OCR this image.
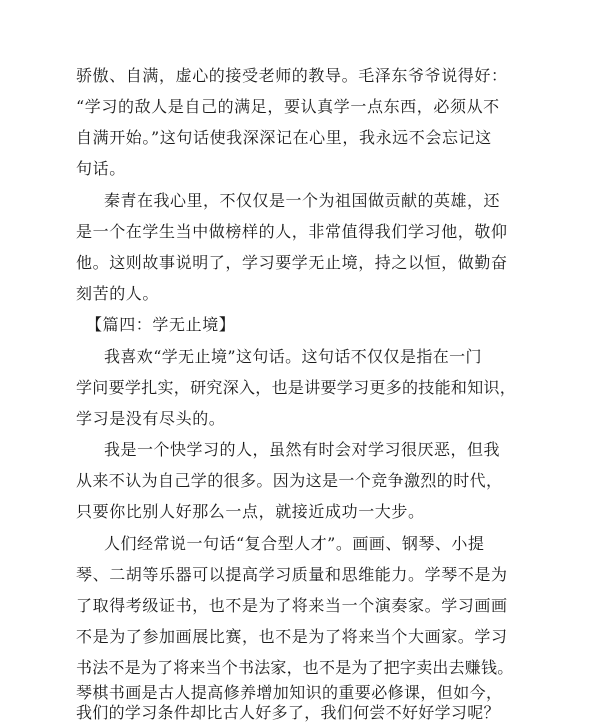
骄傲、自满，虚心的接受老师的教导。毛泽东爷爷说得好：
“学习的敌人是自己的满足，要认真学一点东西，必须从不
自满开始。”这句话使我深深记在心里，我永远不会忘记这
句话。
秦青在我心里，不仅仅是一个为祖国做贡献的英雄，还
是一个在学生当中做榜样的人，非常值得我们学习他，敬仰
他。这则故事说明了，学习要学无止境，持之以恒，做勤奋
刻苦的人。
【篇四：学无止境】
我喜欢“学无止境”这句话。这句话不仅仅是指在一门
学问要学扎实，研究深入，也是讲要学习更多的技能和知识，
学习是没有尽头的。
我是一个快学习的人，虽然有时会对学习很厌恶，但我
从来不认为自己学的很多。因为这是一个竞争激烈的时代，
只要你比别人好那么一点，就接近成功一大步。
人们经常说一句话“复合型人才”。画画、钢琴、小提
琴、二胡等乐器可以提高学习质量和思维能力。学琴不是为
了取得考级证书，也不是为了将来当一个演奏家。学习画画
不是为了参加画展比赛，也不是为了将来当个大画家。学习
书法不是为了将来当个书法家，也不是为了把字卖出去赚钱。
琴棋书画是古人提高修养增加知识的重要必修课，但如今，
我们的学习条件却比古人好多了，我们何尝不好好学习呢？
